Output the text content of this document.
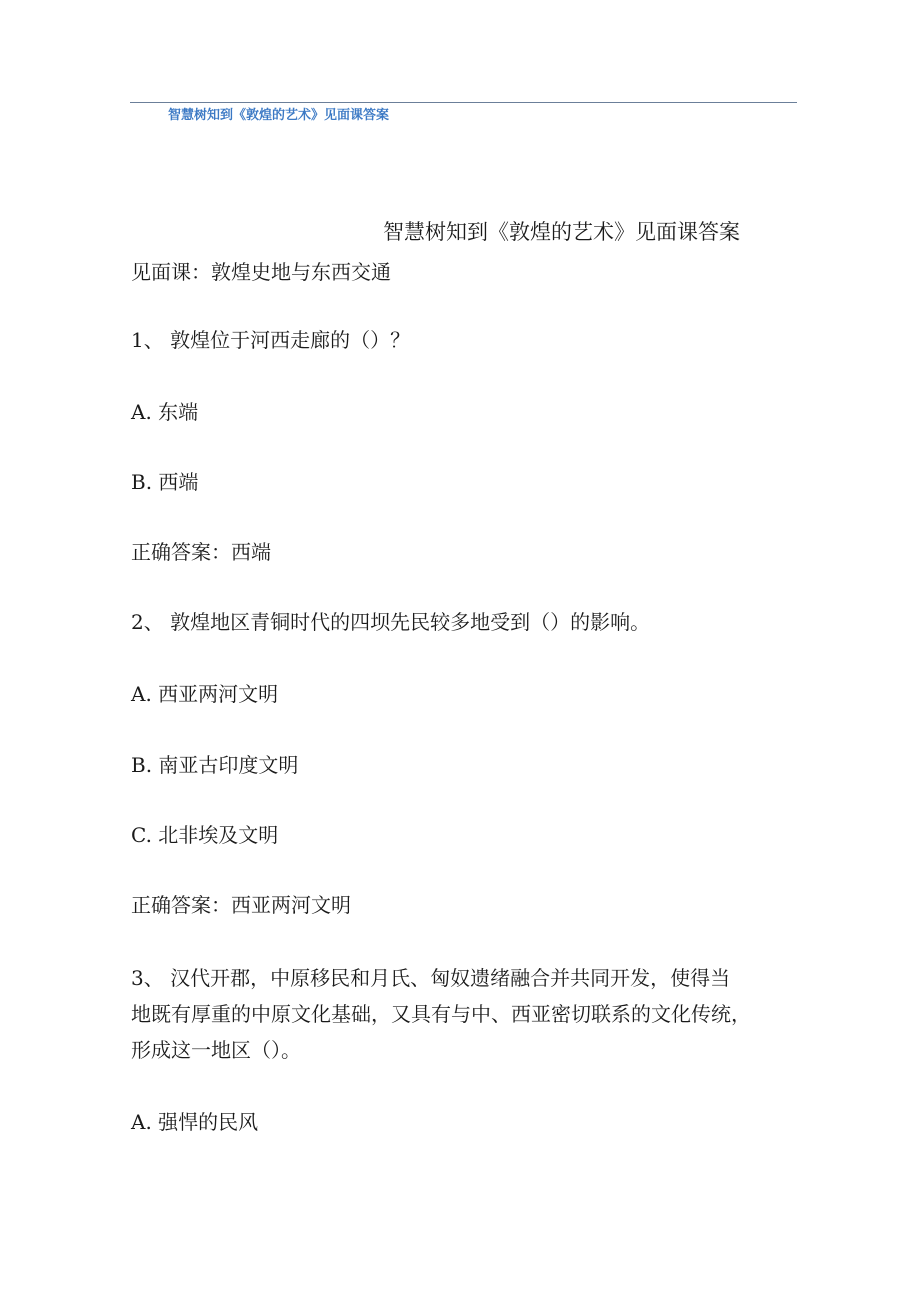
智慧树知到《敦煌的艺术》见面课答案
智慧树知到《敦煌的艺术》见面课答案
见面课：敦煌史地与东西交通
1、 敦煌位于河西走廊的（）？
A. 东端
B. 西端
正确答案：西端
2、 敦煌地区青铜时代的四坝先民较多地受到（）的影响。
A. 西亚两河文明
B. 南亚古印度文明
C. 北非埃及文明
正确答案：西亚两河文明
3、 汉代开郡，中原移民和月氏、匈奴遗绪融合并共同开发，使得当
地既有厚重的中原文化基础，又具有与中、西亚密切联系的文化传统，
形成这一地区（）。
A. 强悍的民风
